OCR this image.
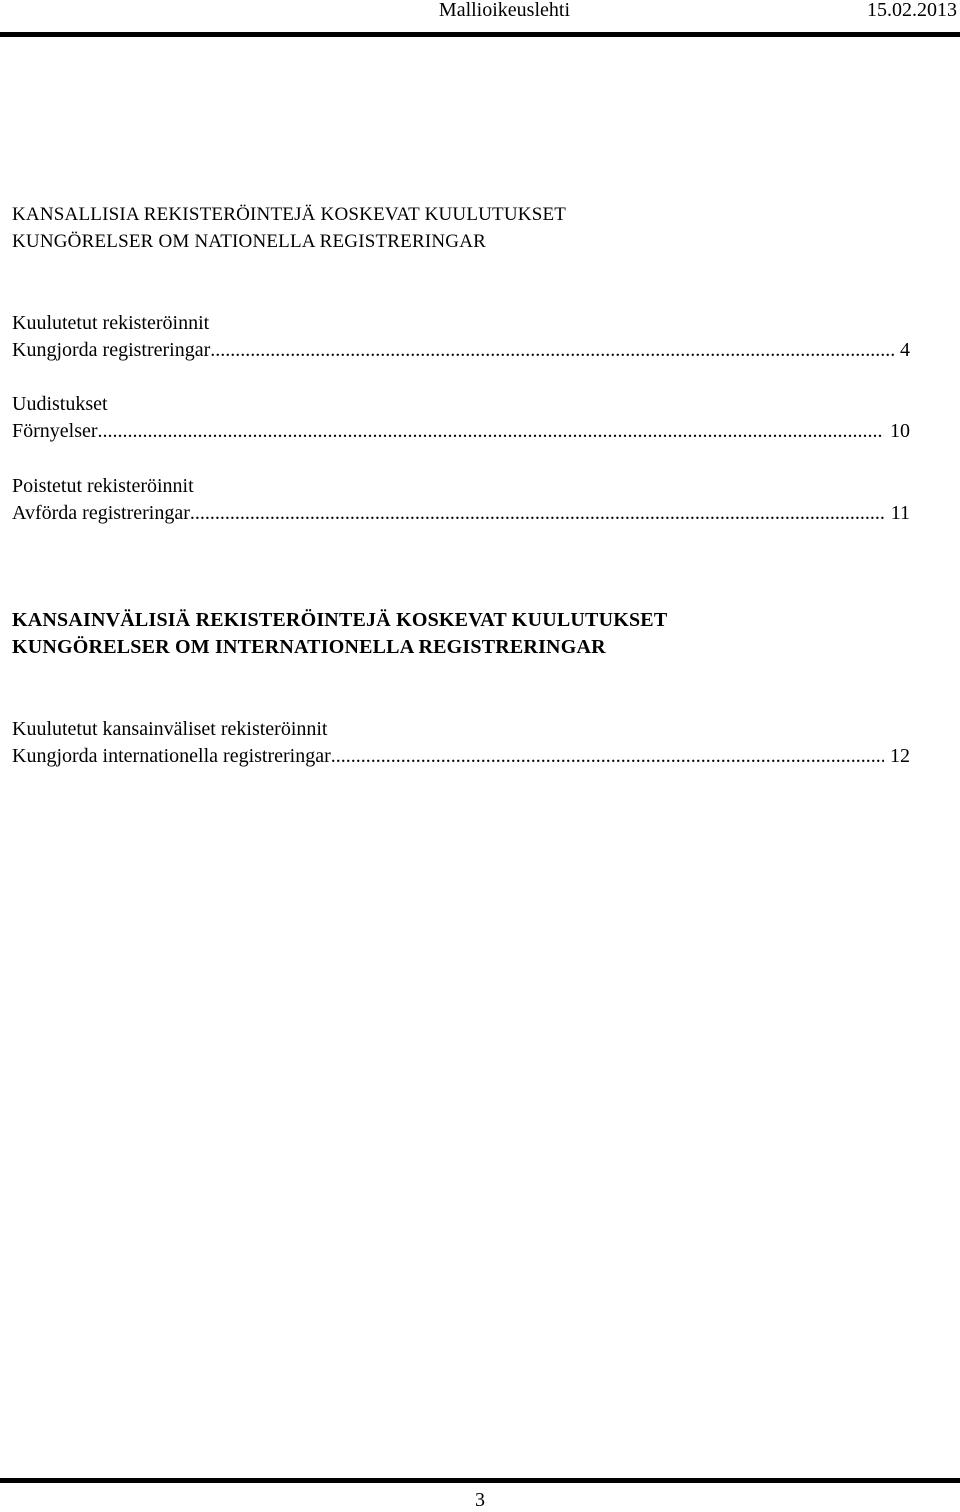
Mallioikeuslehti	15.02.2013
KANSALLISIA REKISTERÖINTEJÄ KOSKEVAT KUULUTUKSET
KUNGÖRELSER OM NATIONELLA REGISTRERINGAR
Kuulutetut rekisteröinnit
Kungjorda registreringar .....	4
Uudistukset
Förnyelser .....	10
Poistetut rekisteröinnit
Avförda registreringar .....	11
KANSAINVÄLISIÄ REKISTERÖINTEJÄ KOSKEVAT KUULUTUKSET
KUNGÖRELSER OM INTERNATIONELLA REGISTRERINGAR
Kuulutetut kansainväliset rekisteröinnit
Kungjorda internationella registreringar .....	12
3
